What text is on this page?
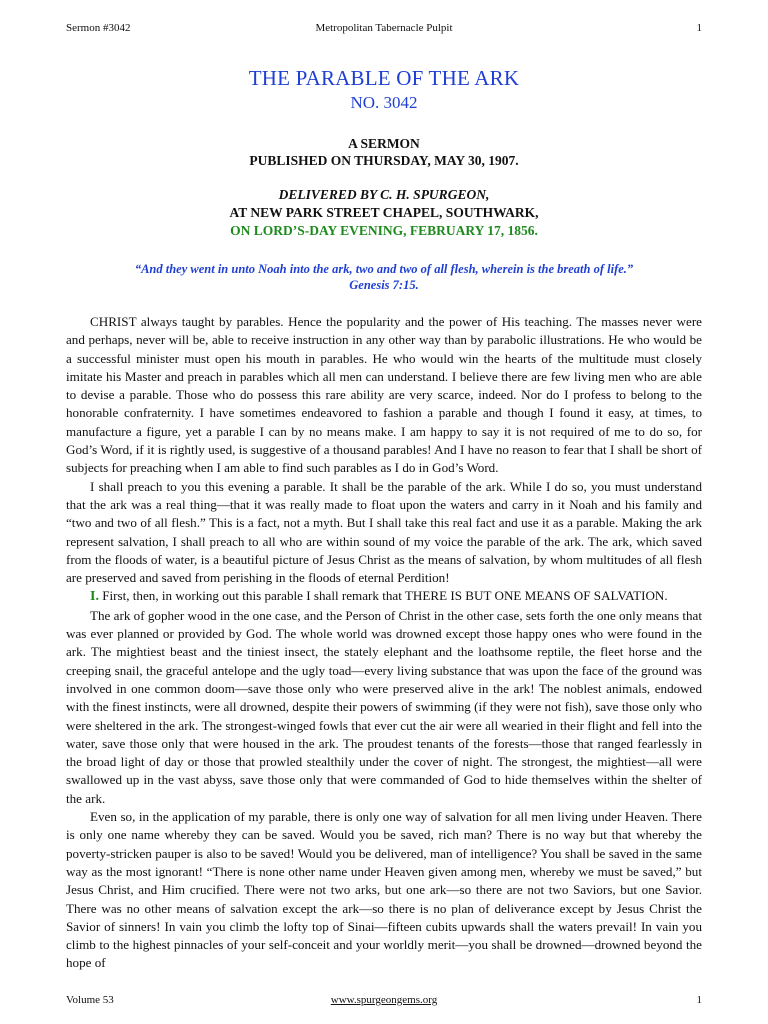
Sermon #3042	Metropolitan Tabernacle Pulpit	1
THE PARABLE OF THE ARK
NO. 3042
A SERMON
PUBLISHED ON THURSDAY, MAY 30, 1907.
DELIVERED BY C. H. SPURGEON,
AT NEW PARK STREET CHAPEL, SOUTHWARK,
ON LORD’S-DAY EVENING, FEBRUARY 17, 1856.
“And they went in unto Noah into the ark, two and two of all flesh, wherein is the breath of life.”
Genesis 7:15.

CHRIST always taught by parables. Hence the popularity and the power of His teaching. The masses never were and perhaps, never will be, able to receive instruction in any other way than by parabolic illustrations. He who would be a successful minister must open his mouth in parables. He who would win the hearts of the multitude must closely imitate his Master and preach in parables which all men can understand. I believe there are few living men who are able to devise a parable. Those who do possess this rare ability are very scarce, indeed. Nor do I profess to belong to the honorable confraternity. I have sometimes endeavored to fashion a parable and though I found it easy, at times, to manufacture a figure, yet a parable I can by no means make. I am happy to say it is not required of me to do so, for God’s Word, if it is rightly used, is suggestive of a thousand parables! And I have no reason to fear that I shall be short of subjects for preaching when I am able to find such parables as I do in God’s Word.

I shall preach to you this evening a parable. It shall be the parable of the ark. While I do so, you must understand that the ark was a real thing—that it was really made to float upon the waters and carry in it Noah and his family and “two and two of all flesh.” This is a fact, not a myth. But I shall take this real fact and use it as a parable. Making the ark represent salvation, I shall preach to all who are within sound of my voice the parable of the ark. The ark, which saved from the floods of water, is a beautiful picture of Jesus Christ as the means of salvation, by whom multitudes of all flesh are preserved and saved from perishing in the floods of eternal Perdition!

I. First, then, in working out this parable I shall remark that THERE IS BUT ONE MEANS OF SALVATION.

The ark of gopher wood in the one case, and the Person of Christ in the other case, sets forth the one only means that was ever planned or provided by God. The whole world was drowned except those happy ones who were found in the ark. The mightiest beast and the tiniest insect, the stately elephant and the loathsome reptile, the fleet horse and the creeping snail, the graceful antelope and the ugly toad—every living substance that was upon the face of the ground was involved in one common doom—save those only who were preserved alive in the ark! The noblest animals, endowed with the finest instincts, were all drowned, despite their powers of swimming (if they were not fish), save those only who were sheltered in the ark. The strongest-winged fowls that ever cut the air were all wearied in their flight and fell into the water, save those only that were housed in the ark. The proudest tenants of the forests—those that ranged fearlessly in the broad light of day or those that prowled stealthily under the cover of night. The strongest, the mightiest—all were swallowed up in the vast abyss, save those only that were commanded of God to hide themselves within the shelter of the ark.

Even so, in the application of my parable, there is only one way of salvation for all men living under Heaven. There is only one name whereby they can be saved. Would you be saved, rich man? There is no way but that whereby the poverty-stricken pauper is also to be saved! Would you be delivered, man of intelligence? You shall be saved in the same way as the most ignorant! “There is none other name under Heaven given among men, whereby we must be saved,” but Jesus Christ, and Him crucified. There were not two arks, but one ark—so there are not two Saviors, but one Savior. There was no other means of salvation except the ark—so there is no plan of deliverance except by Jesus Christ the Savior of sinners! In vain you climb the lofty top of Sinai—fifteen cubits upwards shall the waters prevail! In vain you climb to the highest pinnacles of your self-conceit and your worldly merit—you shall be drowned—drowned beyond the hope of

Volume 53	www.spurgeongems.org	1
